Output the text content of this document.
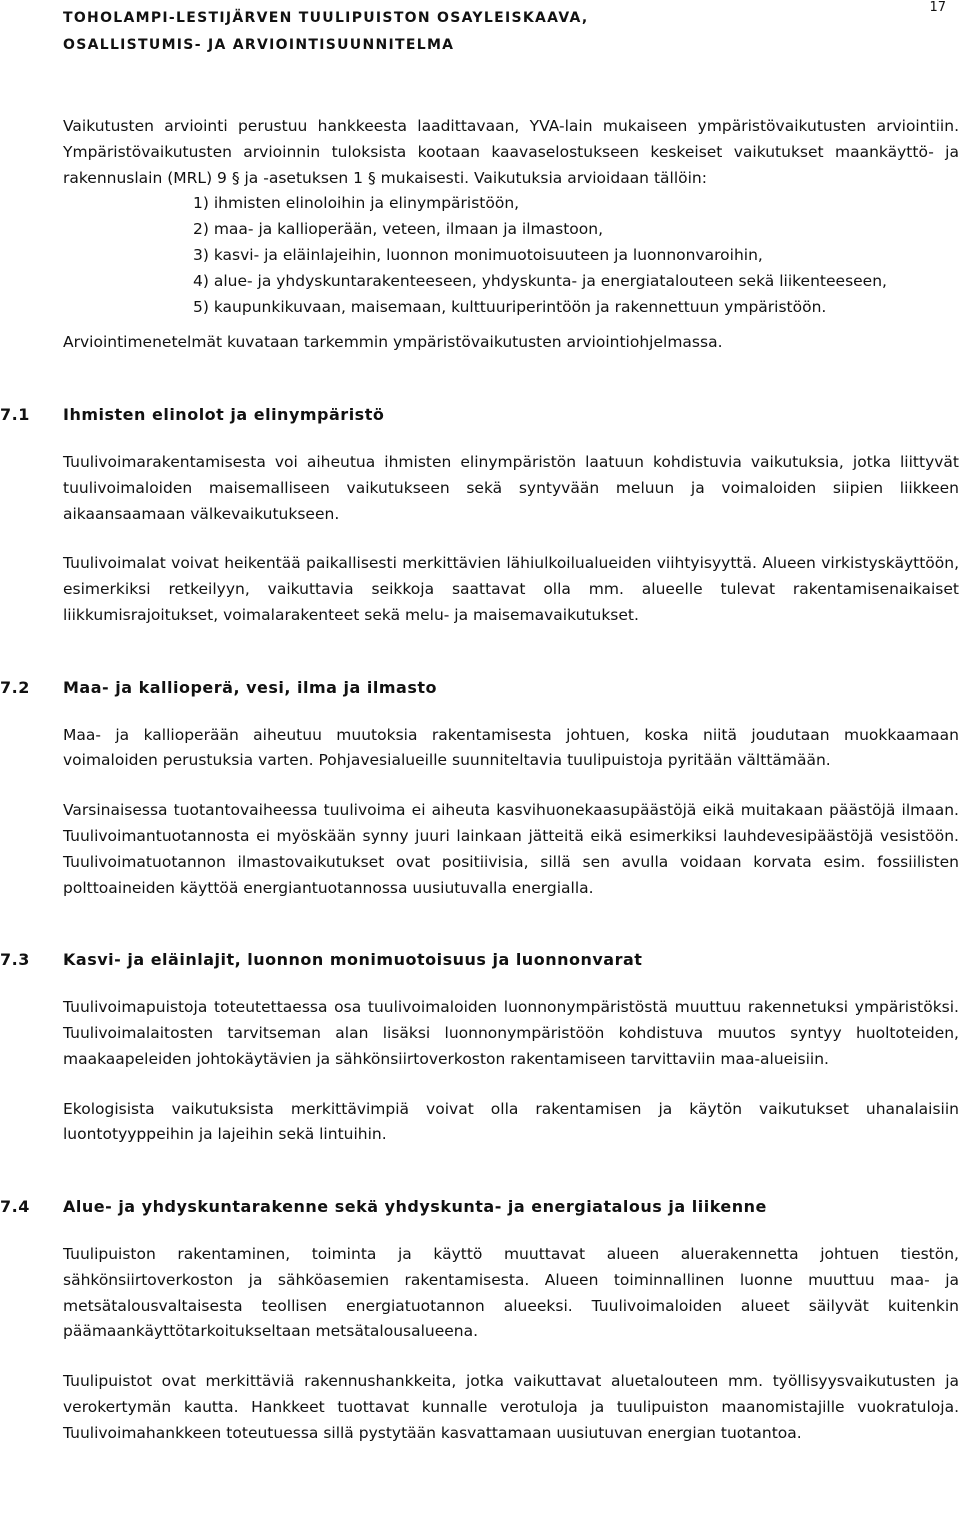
TOHOLAMPI-LESTIJÄRVEN TUULIPUISTON OSAYLEISKAAVA,
OSALLISTUMIS- JA ARVIOINTISUUNNITELMA
17

Vaikutusten arviointi perustuu hankkeesta laadittavaan, YVA-lain mukaiseen ympäristövaikutusten arviointiin. Ympäristövaikutusten arvioinnin tuloksista kootaan kaavaselostukseen keskeiset vaikutukset maankäyttö- ja rakennuslain (MRL) 9 § ja -asetuksen 1 § mukaisesti. Vaikutuksia arvioidaan tällöin:

1) ihmisten elinoloihin ja elinympäristöön,
2) maa- ja kallioperään, veteen, ilmaan ja ilmastoon,
3) kasvi- ja eläinlajeihin, luonnon monimuotoisuuteen ja luonnonvaroihin,
4) alue- ja yhdyskuntarakenteeseen, yhdyskunta- ja energiatalouteen sekä liikenteeseen,
5) kaupunkikuvaan, maisemaan, kulttuuriperintöön ja rakennettuun ympäristöön.

Arviointimenetelmät kuvataan tarkemmin ympäristövaikutusten arviointiohjelmassa.

7.1 Ihmisten elinolot ja elinympäristö

Tuulivoimarakentamisesta voi aiheutua ihmisten elinympäristön laatuun kohdistuvia vaikutuksia, jotka liittyvät tuulivoimaloiden maisemalliseen vaikutukseen sekä syntyvään meluun ja voimaloiden siipien liikkeen aikaansaamaan välkevaikutukseen.

Tuulivoimalat voivat heikentää paikallisesti merkittävien lähiulkoilualueiden viihtyisyyttä. Alueen virkistyskäyttöön, esimerkiksi retkeilyyn, vaikuttavia seikkoja saattavat olla mm. alueelle tulevat rakentamisenaikaiset liikkumisrajoitukset, voimalarakenteet sekä melu- ja maisemavaikutukset.

7.2 Maa- ja kallioperä, vesi, ilma ja ilmasto

Maa- ja kallioperään aiheutuu muutoksia rakentamisesta johtuen, koska niitä joudutaan muokkaamaan voimaloiden perustuksia varten. Pohjavesialueille suunniteltavia tuulipuistoja pyritään välttämään.

Varsinaisessa tuotantovaiheessa tuulivoima ei aiheuta kasvihuonekaasupäästöjä eikä muitakaan päästöjä ilmaan. Tuulivoimantuotannosta ei myöskään synny juuri lainkaan jätteitä eikä esimerkiksi lauhdevesipäästöjä vesistöön. Tuulivoimatuotannon ilmastovaikutukset ovat positiivisia, sillä sen avulla voidaan korvata esim. fossiilisten polttoaineiden käyttöä energiantuotannossa uusiutuvalla energialla.

7.3 Kasvi- ja eläinlajit, luonnon monimuotoisuus ja luonnonvarat

Tuulivoimapuistoja toteutettaessa osa tuulivoimaloiden luonnonympäristöstä muuttuu rakennetuksi ympäristöksi. Tuulivoimalaitosten tarvitseman alan lisäksi luonnonympäristöön kohdistuva muutos syntyy huoltoteiden, maakaapeleiden johtokäytävien ja sähkönsiirtoverkoston rakentamiseen tarvittaviin maa-alueisiin.

Ekologisista vaikutuksista merkittävimpiä voivat olla rakentamisen ja käytön vaikutukset uhanalaisiin luontotyyppeihin ja lajeihin sekä lintuihin.

7.4 Alue- ja yhdyskuntarakenne sekä yhdyskunta- ja energiatalous ja liikenne

Tuulipuiston rakentaminen, toiminta ja käyttö muuttavat alueen aluerakennetta johtuen tiestön, sähkönsiirtoverkoston ja sähköasemien rakentamisesta. Alueen toiminnallinen luonne muuttuu maa- ja metsätalousvaltaisesta teollisen energiatuotannon alueeksi. Tuulivoimaloiden alueet säilyvät kuitenkin päämaankäyttötarkoitukseltaan metsätalousalueena.

Tuulipuistot ovat merkittäviä rakennushankkeita, jotka vaikuttavat aluetalouteen mm. työllisyysvaikutusten ja verokertymän kautta. Hankkeet tuottavat kunnalle verotuloja ja tuulipuiston maanomistajille vuokratuloja. Tuulivoimahankkeen toteutuessa sillä pystytään kasvattamaan uusiutuvan energian tuotantoa.
